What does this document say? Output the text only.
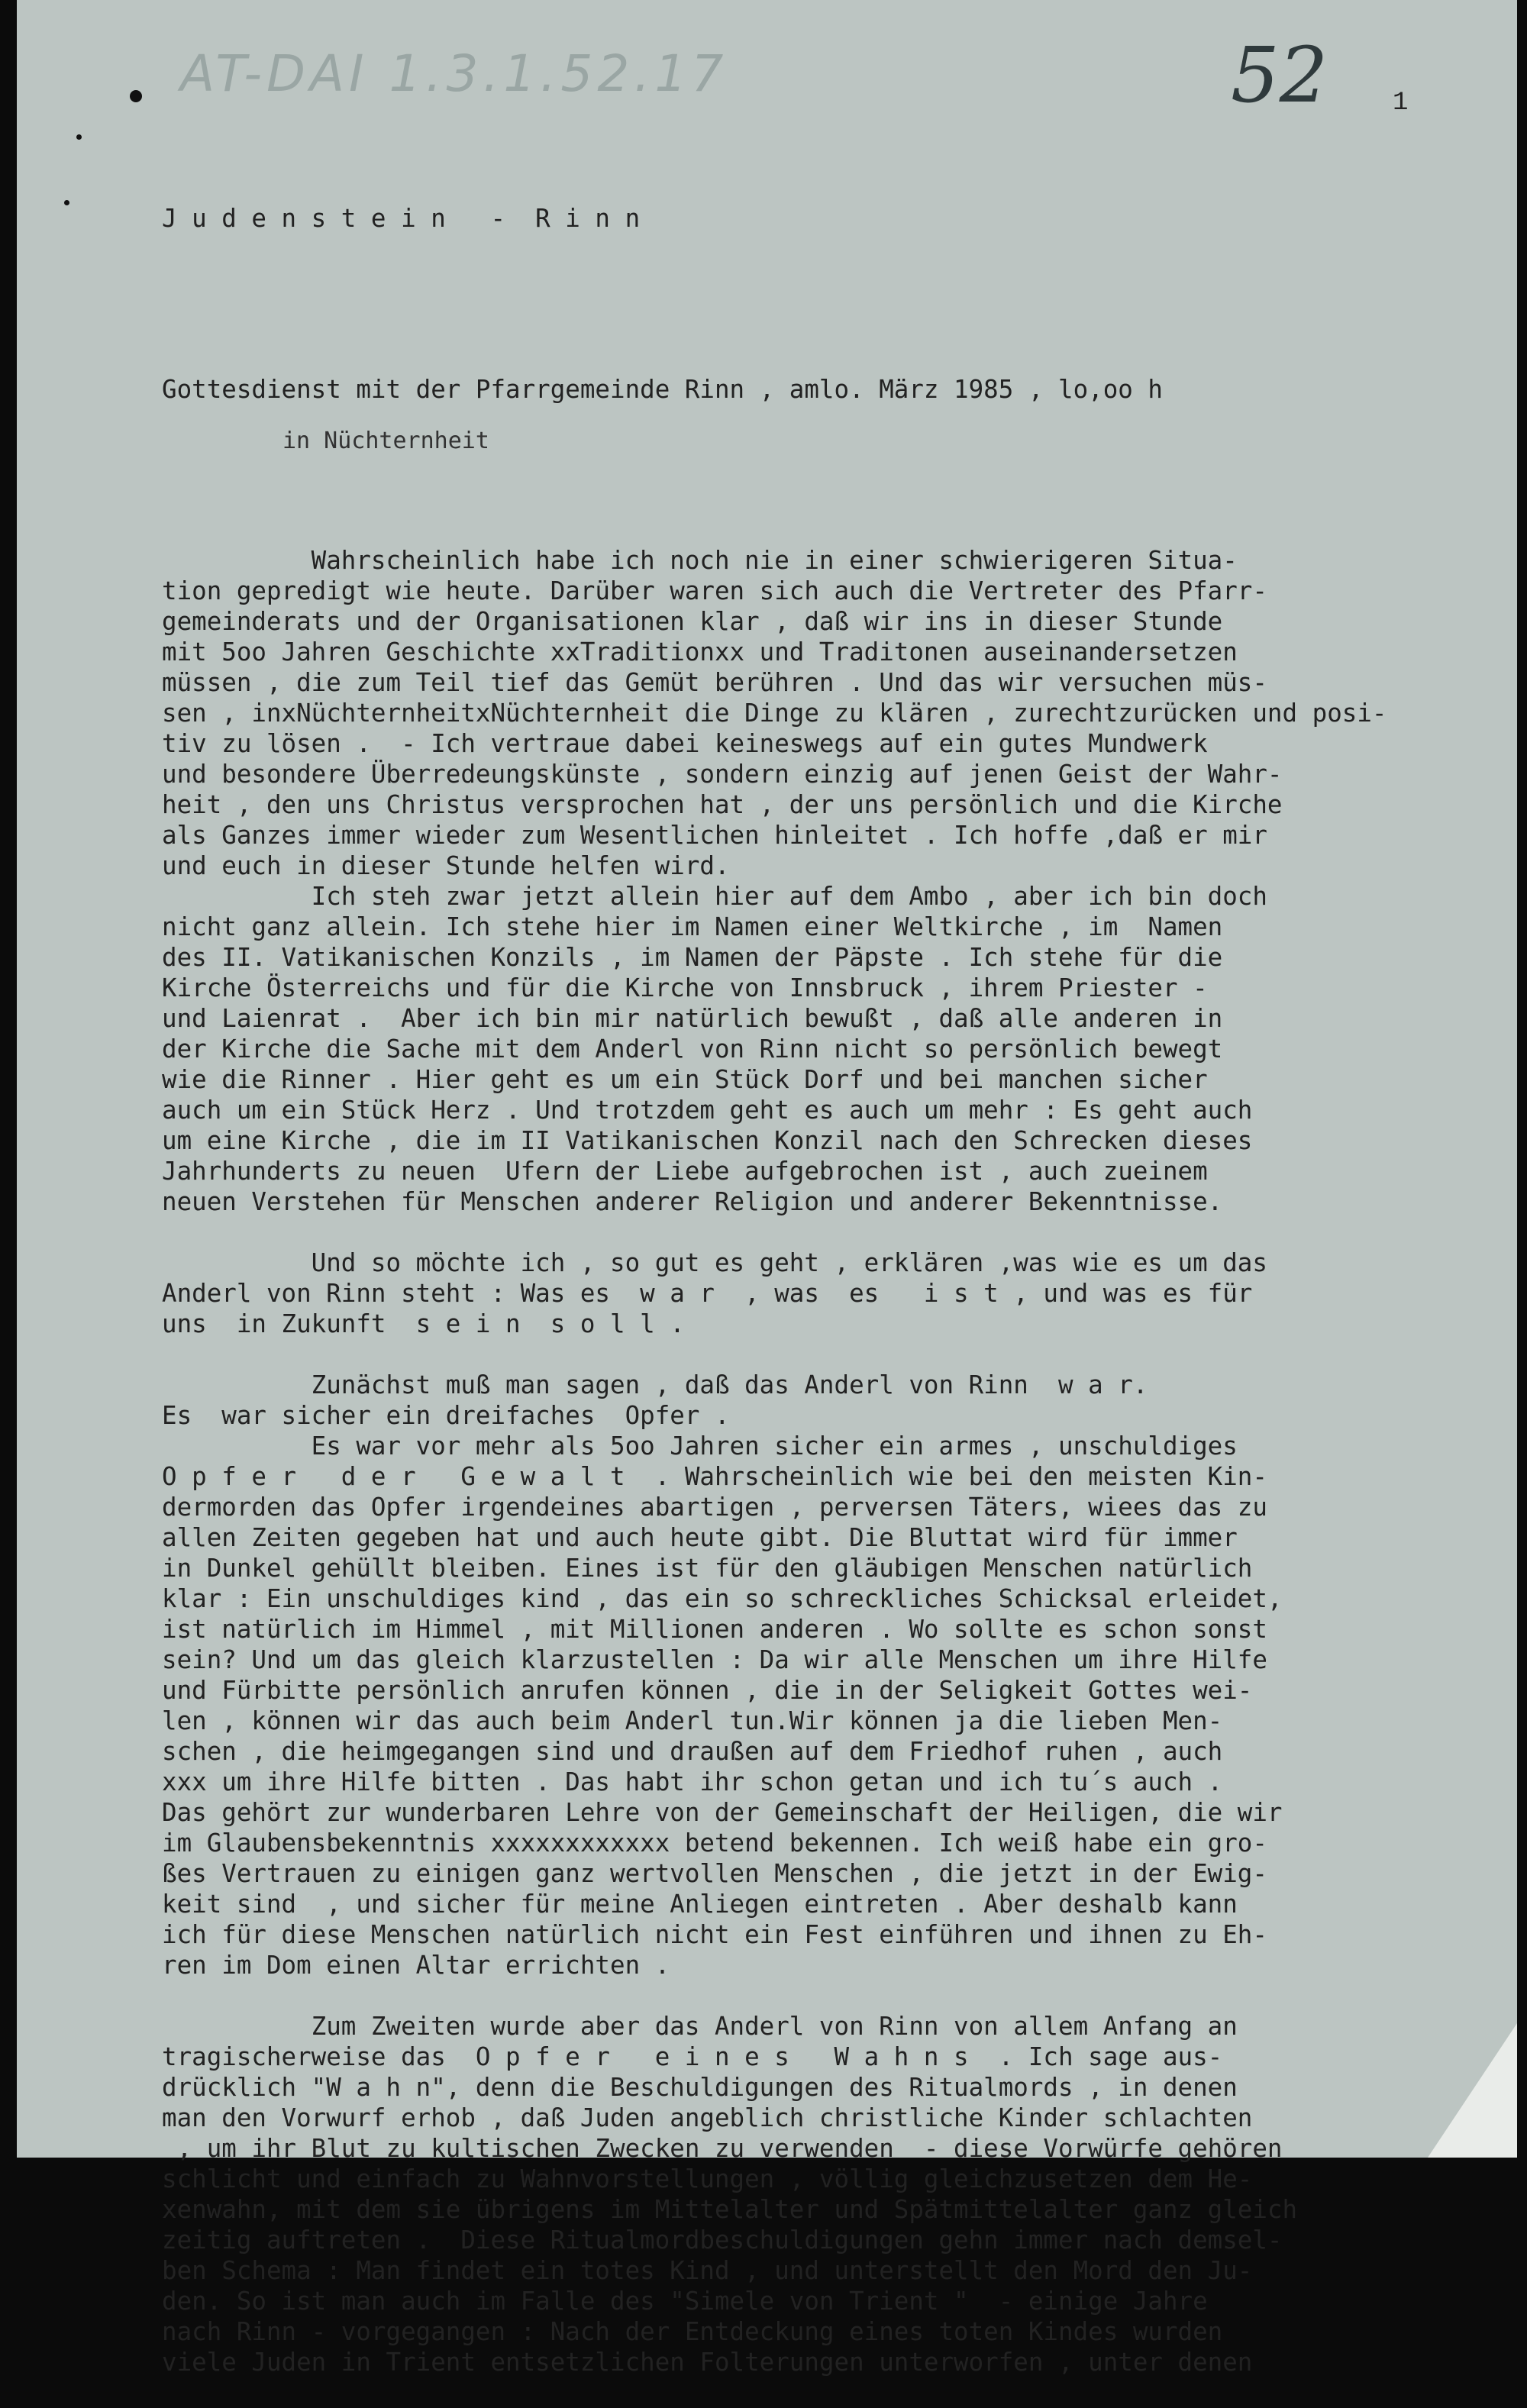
AT-DAI 1.3.1.52.17	52 1
in Nüchternheit

J u d e n s t e i n   -  R i n n

Gottesdienst mit der Pfarrgemeinde Rinn , amlo. März 1985 , lo,oo h

Wahrscheinlich habe ich noch nie in einer schwierigeren Situa-
tion gepredigt wie heute. Darüber waren sich auch die Vertreter des Pfarr-
gemeinderats und der Organisationen klar , daß wir ins in dieser Stunde
mit 5oo Jahren Geschichte xxTraditionxx und Traditonen auseinandersetzen
müssen , die zum Teil tief das Gemüt berühren . Und das wir versuchen müs-
sen , inxNüchternheitxNüchternheit die Dinge zu klären , zurechtzurücken und posi-
tiv zu lösen .  - Ich vertraue dabei keineswegs auf ein gutes Mundwerk
und besondere Überredeungskünste , sondern einzig auf jenen Geist der Wahr-
heit , den uns Christus versprochen hat , der uns persönlich und die Kirche
als Ganzes immer wieder zum Wesentlichen hinleitet . Ich hoffe ,daß er mir
und euch in dieser Stunde helfen wird.
Ich steh zwar jetzt allein hier auf dem Ambo , aber ich bin doch
nicht ganz allein. Ich stehe hier im Namen einer Weltkirche , im  Namen
des II. Vatikanischen Konzils , im Namen der Päpste . Ich stehe für die
Kirche Österreichs und für die Kirche von Innsbruck , ihrem Priester -
und Laienrat .  Aber ich bin mir natürlich bewußt , daß alle anderen in
der Kirche die Sache mit dem Anderl von Rinn nicht so persönlich bewegt
wie die Rinner . Hier geht es um ein Stück Dorf und bei manchen sicher
auch um ein Stück Herz . Und trotzdem geht es auch um mehr : Es geht auch
um eine Kirche , die im II Vatikanischen Konzil nach den Schrecken dieses
Jahrhunderts zu neuen  Ufern der Liebe aufgebrochen ist , auch zueinem
neuen Verstehen für Menschen anderer Religion und anderer Bekenntnisse.
Und so möchte ich , so gut es geht , erklären ,was wie es um das
Anderl von Rinn steht : Was es  w a r  , was  es   i s t , und was es für
uns  in Zukunft  s e i n  s o l l .
Zunächst muß man sagen , daß das Anderl von Rinn  w a r.
Es  war sicher ein dreifaches  Opfer .
Es war vor mehr als 5oo Jahren sicher ein armes , unschuldiges
O p f e r   d e r   G e w a l t  . Wahrscheinlich wie bei den meisten Kin-
dermorden das Opfer irgendeines abartigen , perversen Täters, wiees das zu
allen Zeiten gegeben hat und auch heute gibt. Die Bluttat wird für immer
in Dunkel gehüllt bleiben. Eines ist für den gläubigen Menschen natürlich
klar : Ein unschuldiges kind , das ein so schreckliches Schicksal erleidet,
ist natürlich im Himmel , mit Millionen anderen . Wo sollte es schon sonst
sein? Und um das gleich klarzustellen : Da wir alle Menschen um ihre Hilfe
und Fürbitte persönlich anrufen können , die in der Seligkeit Gottes wei-
len , können wir das auch beim Anderl tun.Wir können ja die lieben Men-
schen , die heimgegangen sind und draußen auf dem Friedhof ruhen , auch
xxx um ihre Hilfe bitten . Das habt ihr schon getan und ich tu´s auch .
Das gehört zur wunderbaren Lehre von der Gemeinschaft der Heiligen, die wir
im Glaubensbekenntnis xxxxxxxxxxxx betend bekennen. Ich weiß habe ein gro-
ßes Vertrauen zu einigen ganz wertvollen Menschen , die jetzt in der Ewig-
keit sind  , und sicher für meine Anliegen eintreten . Aber deshalb kann
ich für diese Menschen natürlich nicht ein Fest einführen und ihnen zu Eh-
ren im Dom einen Altar errichten .
Zum Zweiten wurde aber das Anderl von Rinn von allem Anfang an
tragischerweise das  O p f e r   e i n e s   W a h n s  . Ich sage aus-
drücklich "W a h n", denn die Beschuldigungen des Ritualmords , in denen
man den Vorwurf erhob , daß Juden angeblich christliche Kinder schlachten
, um ihr Blut zu kultischen Zwecken zu verwenden  - diese Vorwürfe gehören
schlicht und einfach zu Wahnvorstellungen , völlig gleichzusetzen dem He-
xenwahn, mit dem sie übrigens im Mittelalter und Spätmittelalter ganz gleich
zeitig auftreten .  Diese Ritualmordbeschuldigungen gehn immer nach demsel-
ben Schema : Man findet ein totes Kind , und unterstellt den Mord den Ju-
den. So ist man auch im Falle des "Simele von Trient "  - einige Jahre
nach Rinn - vorgegangen : Nach der Entdeckung eines toten Kindes wurden
viele Juden in Trient entsetzlichen Folterungen unterworfen , unter denen
